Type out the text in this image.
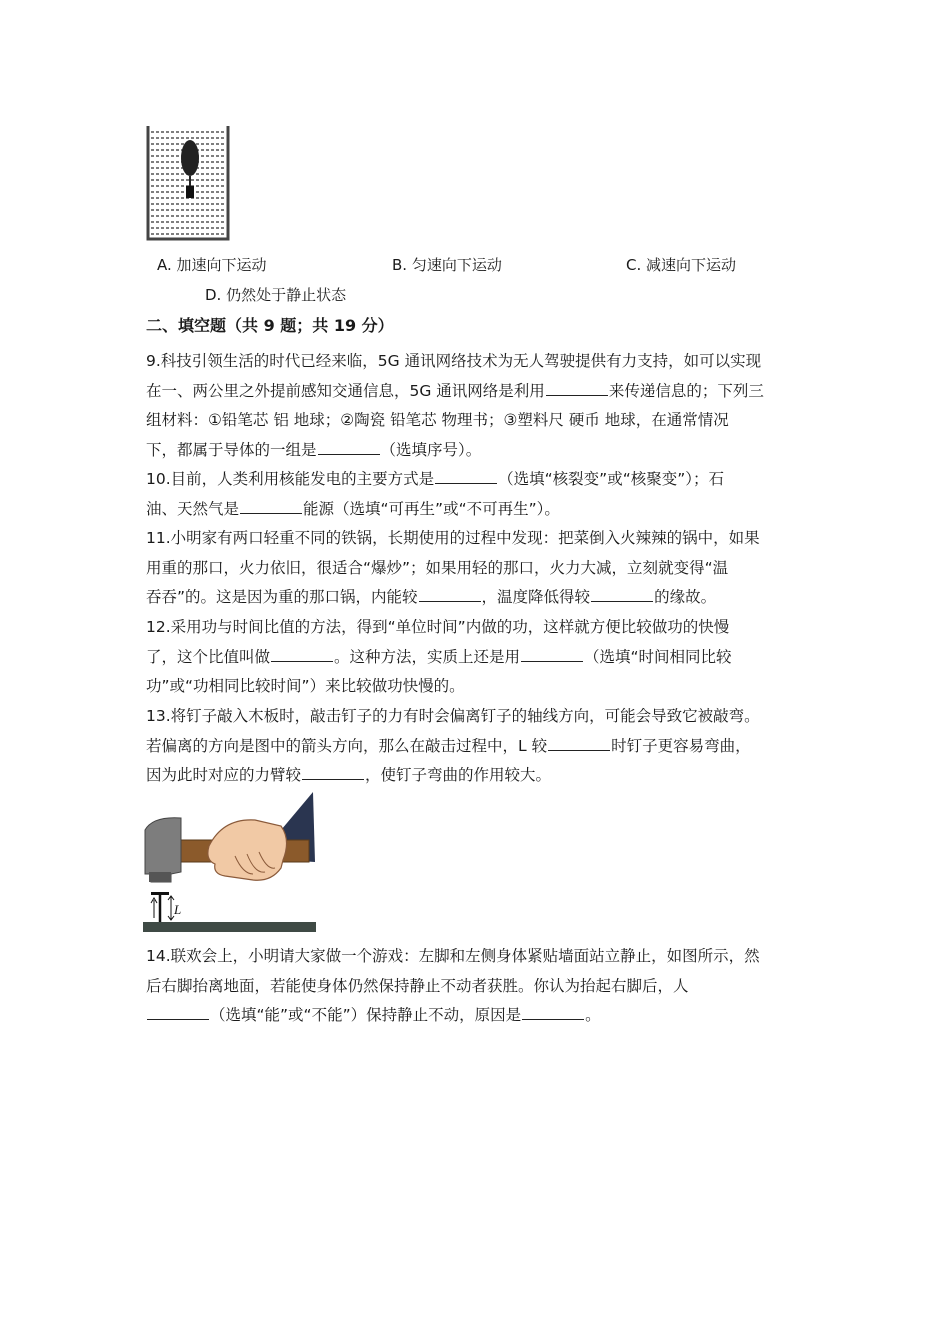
A. 加速向下运动	B. 匀速向下运动	C. 减速向下运动
D. 仍然处于静止状态
二、填空题（共 9 题；共 19 分）

9.科技引领生活的时代已经来临，5G 通讯网络技术为无人驾驶提供有力支持，如可以实现

在一、两公里之外提前感知交通信息，5G 通讯网络是利用	来传递信息的；下列三

组材料：①铅笔芯 铝 地球；②陶瓷 铅笔芯 物理书；③塑料尺 硬币 地球，在通常情况

下，都属于导体的一组是	（选填序号）。

10.目前，人类利用核能发电的主要方式是	（选填“核裂变”或“核聚变”）；石

油、天然气是	能源（选填“可再生”或“不可再生”）。

11.小明家有两口轻重不同的铁锅，长期使用的过程中发现：把菜倒入火辣辣的锅中，如果

用重的那口，火力依旧，很适合“爆炒”；如果用轻的那口，火力大减，立刻就变得“温

吞吞”的。这是因为重的那口锅，内能较	，温度降低得较	的缘故。

12.采用功与时间比值的方法，得到“单位时间”内做的功，这样就方便比较做功的快慢

了，这个比值叫做	。这种方法，实质上还是用	（选填“时间相同比较

功”或“功相同比较时间”）来比较做功快慢的。

13.将钉子敲入木板时，敲击钉子的力有时会偏离钉子的轴线方向，可能会导致它被敲弯。

若偏离的方向是图中的箭头方向，那么在敲击过程中，L 较	时钉子更容易弯曲，

因为此时对应的力臂较	，使钉子弯曲的作用较大。

L

14.联欢会上，小明请大家做一个游戏：左脚和左侧身体紧贴墙面站立静止，如图所示，然

后右脚抬离地面，若能使身体仍然保持静止不动者获胜。你认为抬起右脚后，人

（选填“能”或“不能”）保持静止不动，原因是	。
